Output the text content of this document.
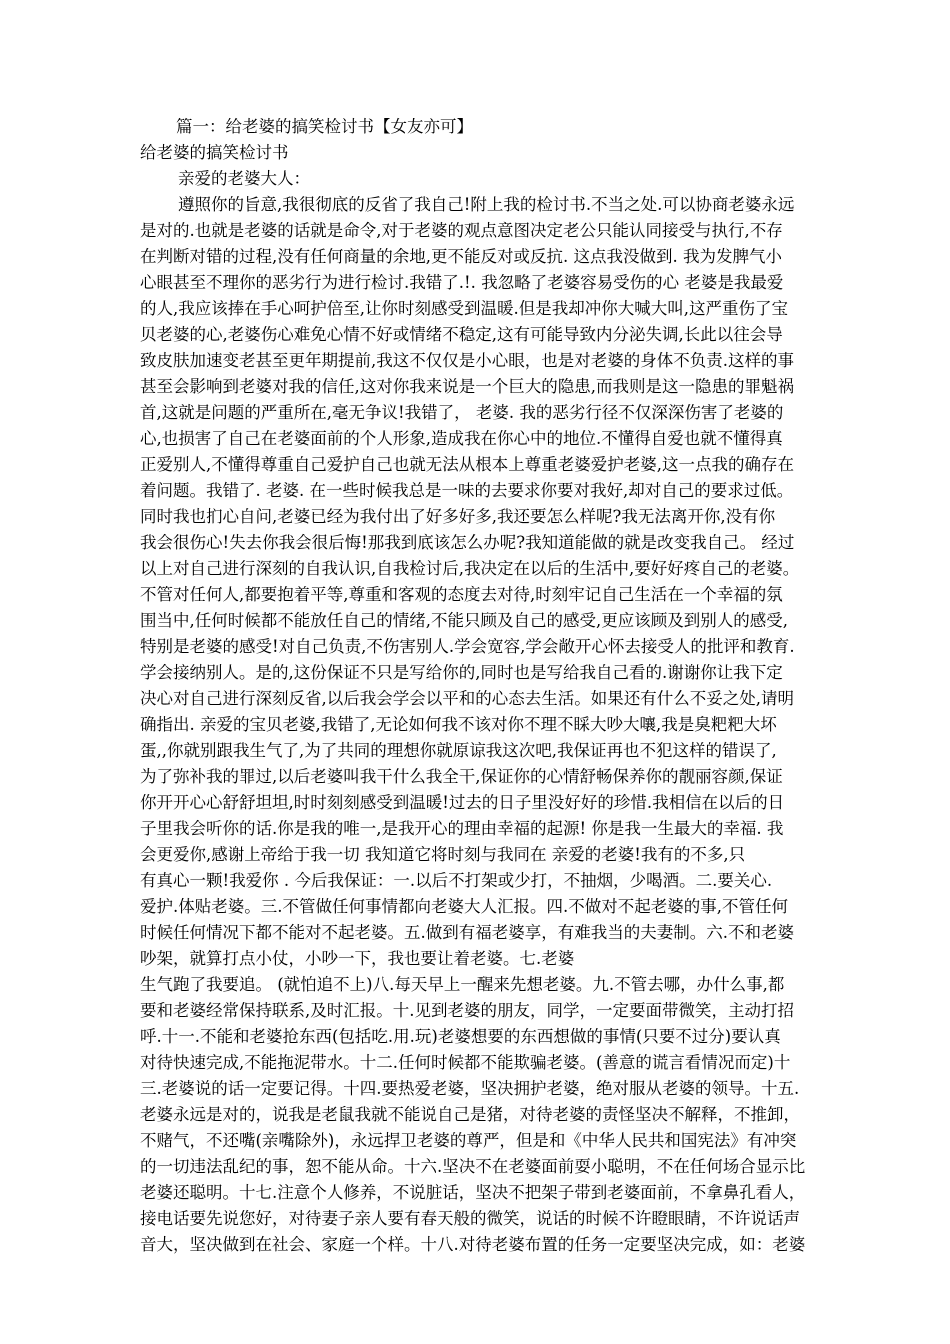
篇一：给老婆的搞笑检讨书【女友亦可】
给老婆的搞笑检讨书
亲爱的老婆大人：
遵照你的旨意,我很彻底的反省了我自己!附上我的检讨书.不当之处.可以协商老婆永远
是对的.也就是老婆的话就是命令,对于老婆的观点意图决定老公只能认同接受与执行,不存
在判断对错的过程,没有任何商量的余地,更不能反对或反抗. 这点我没做到. 我为发脾气小
心眼甚至不理你的恶劣行为进行检讨.我错了.!. 我忽略了老婆容易受伤的心 老婆是我最爱
的人,我应该捧在手心呵护倍至,让你时刻感受到温暖.但是我却冲你大喊大叫,这严重伤了宝
贝老婆的心,老婆伤心难免心情不好或情绪不稳定,这有可能导致内分泌失调,长此以往会导
致皮肤加速变老甚至更年期提前,我这不仅仅是小心眼，也是对老婆的身体不负责.这样的事
甚至会影响到老婆对我的信任,这对你我来说是一个巨大的隐患,而我则是这一隐患的罪魁祸
首,这就是问题的严重所在,毫无争议!我错了， 老婆. 我的恶劣行径不仅深深伤害了老婆的
心,也损害了自己在老婆面前的个人形象,造成我在你心中的地位.不懂得自爱也就不懂得真
正爱别人,不懂得尊重自己爱护自己也就无法从根本上尊重老婆爱护老婆,这一点我的确存在
着问题。我错了. 老婆. 在一些时候我总是一味的去要求你要对我好,却对自己的要求过低。
同时我也扪心自问,老婆已经为我付出了好多好多,我还要怎么样呢?我无法离开你,没有你
我会很伤心!失去你我会很后悔!那我到底该怎么办呢?我知道能做的就是改变我自己。 经过
以上对自己进行深刻的自我认识,自我检讨后,我决定在以后的生活中,要好好疼自己的老婆。
不管对任何人,都要抱着平等,尊重和客观的态度去对待,时刻牢记自己生活在一个幸福的氛
围当中,任何时候都不能放任自己的情绪,不能只顾及自己的感受,更应该顾及到别人的感受,
特别是老婆的感受!对自己负责,不伤害别人.学会宽容,学会敞开心怀去接受人的批评和教育.
学会接纳别人。是的,这份保证不只是写给你的,同时也是写给我自己看的.谢谢你让我下定
决心对自己进行深刻反省,以后我会学会以平和的心态去生活。如果还有什么不妥之处,请明
确指出. 亲爱的宝贝老婆,我错了,无论如何我不该对你不理不睬大吵大嚷,我是臭粑粑大坏
蛋,,你就别跟我生气了,为了共同的理想你就原谅我这次吧,我保证再也不犯这样的错误了,
为了弥补我的罪过,以后老婆叫我干什么我全干,保证你的心情舒畅保养你的靓丽容颜,保证
你开开心心舒舒坦坦,时时刻刻感受到温暖!过去的日子里没好好的珍惜.我相信在以后的日
子里我会听你的话.你是我的唯一,是我开心的理由幸福的起源! 你是我一生最大的幸福. 我
会更爱你,感谢上帝给于我一切 我知道它将时刻与我同在 亲爱的老婆!我有的不多,只
有真心一颗!我爱你 . 今后我保证：一.以后不打架或少打，不抽烟，少喝酒。二.要关心.
爱护.体贴老婆。三.不管做任何事情都向老婆大人汇报。四.不做对不起老婆的事,不管任何
时候任何情况下都不能对不起老婆。五.做到有福老婆享，有难我当的夫妻制。六.不和老婆
吵架，就算打点小仗，小吵一下，我也要让着老婆。七.老婆
生气跑了我要追。 (就怕追不上)八.每天早上一醒来先想老婆。九.不管去哪，办什么事,都
要和老婆经常保持联系,及时汇报。十.见到老婆的朋友，同学，一定要面带微笑，主动打招
呼.十一.不能和老婆抢东西(包括吃.用.玩)老婆想要的东西想做的事情(只要不过分)要认真
对待快速完成,不能拖泥带水。十二.任何时候都不能欺骗老婆。(善意的谎言看情况而定)十
三.老婆说的话一定要记得。十四.要热爱老婆，坚决拥护老婆，绝对服从老婆的领导。十五.
老婆永远是对的，说我是老鼠我就不能说自己是猪，对待老婆的责怪坚决不解释，不推卸，
不赌气，不还嘴(亲嘴除外)，永远捍卫老婆的尊严，但是和《中华人民共和国宪法》有冲突
的一切违法乱纪的事，恕不能从命。十六.坚决不在老婆面前耍小聪明，不在任何场合显示比
老婆还聪明。十七.注意个人修养，不说脏话，坚决不把架子带到老婆面前，不拿鼻孔看人，
接电话要先说您好，对待妻子亲人要有春天般的微笑，说话的时候不许瞪眼睛，不许说话声
音大，坚决做到在社会、家庭一个样。十八.对待老婆布置的任务一定要坚决完成，如：老婆
